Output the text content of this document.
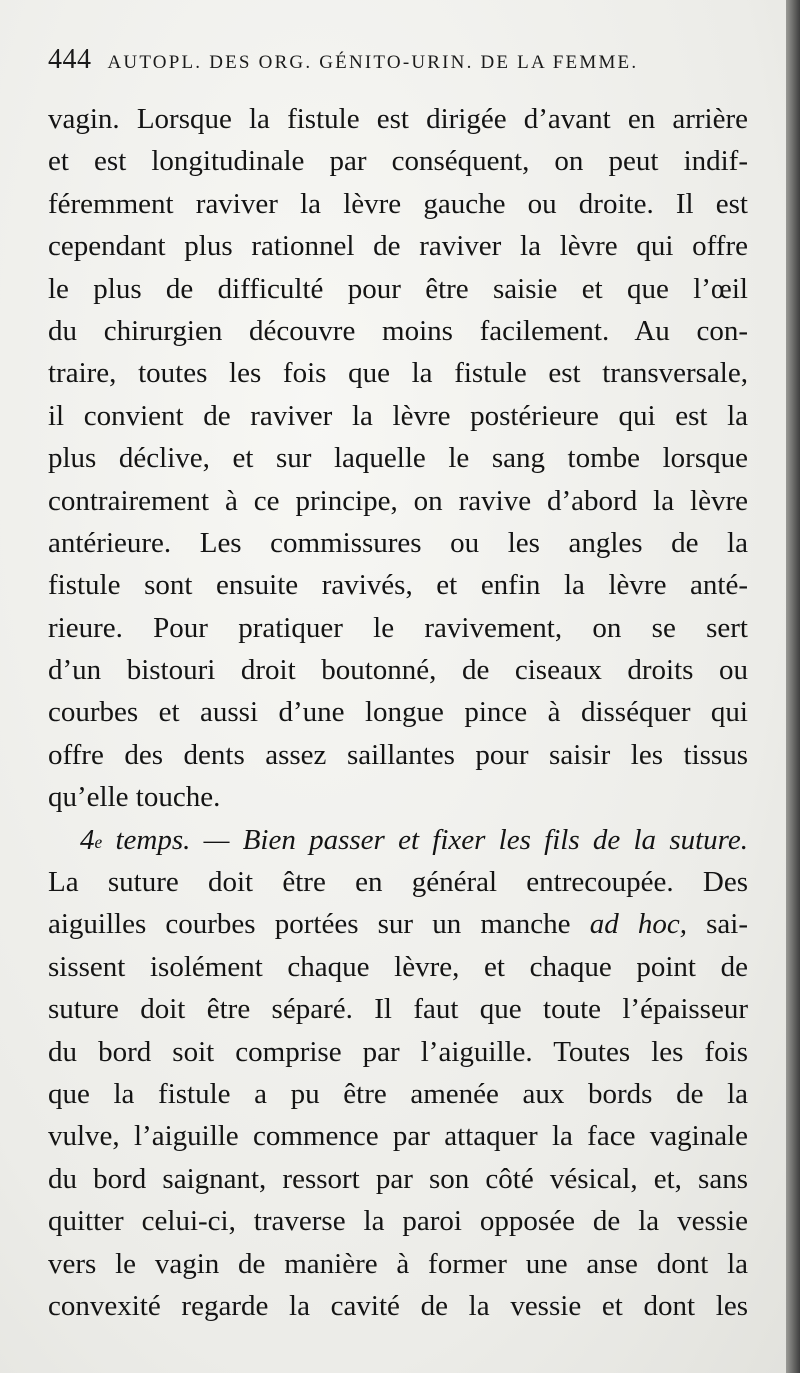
444 AUTOPL. DES ORG. GÉNITO-URIN. DE LA FEMME.
vagin. Lorsque la fistule est dirigée d’avant en arrière
et est longitudinale par conséquent, on peut indif-
féremment raviver la lèvre gauche ou droite. Il est
cependant plus rationnel de raviver la lèvre qui offre
le plus de difficulté pour être saisie et que l’œil
du chirurgien découvre moins facilement. Au con-
traire, toutes les fois que la fistule est transversale,
il convient de raviver la lèvre postérieure qui est la
plus déclive, et sur laquelle le sang tombe lorsque
contrairement à ce principe, on ravive d’abord la lèvre
antérieure. Les commissures ou les angles de la
fistule sont ensuite ravivés, et enfin la lèvre anté-
rieure. Pour pratiquer le ravivement, on se sert
d’un bistouri droit boutonné, de ciseaux droits ou
courbes et aussi d’une longue pince à disséquer qui
offre des dents assez saillantes pour saisir les tissus
qu’elle touche.
4e temps. — Bien passer et fixer les fils de la suture.
La suture doit être en général entrecoupée. Des
aiguilles courbes portées sur un manche ad hoc, sai-
sissent isolément chaque lèvre, et chaque point de
suture doit être séparé. Il faut que toute l’épaisseur
du bord soit comprise par l’aiguille. Toutes les fois
que la fistule a pu être amenée aux bords de la
vulve, l’aiguille commence par attaquer la face vaginale
du bord saignant, ressort par son côté vésical, et, sans
quitter celui-ci, traverse la paroi opposée de la vessie
vers le vagin de manière à former une anse dont la
convexité regarde la cavité de la vessie et dont les
